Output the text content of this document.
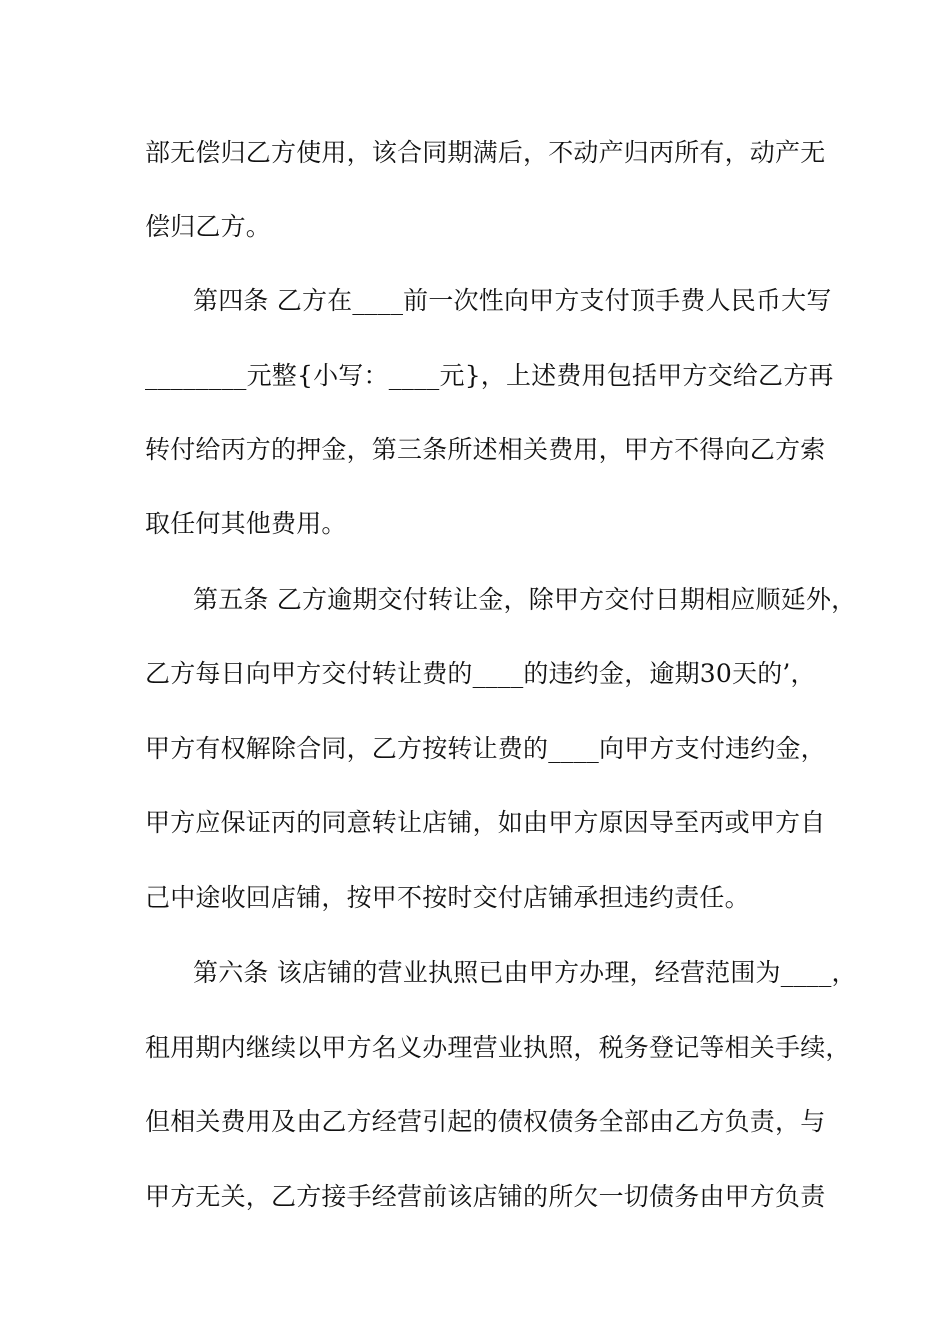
部无偿归乙方使用，该合同期满后，不动产归丙所有，动产无
偿归乙方。
第四条 乙方在____前一次性向甲方支付顶手费人民币大写
________元整{小写：____元}，上述费用包括甲方交给乙方再
转付给丙方的押金，第三条所述相关费用，甲方不得向乙方索
取任何其他费用。
第五条 乙方逾期交付转让金，除甲方交付日期相应顺延外，
乙方每日向甲方交付转让费的____的违约金，逾期30天的’，
甲方有权解除合同，乙方按转让费的____向甲方支付违约金，
甲方应保证丙的同意转让店铺，如由甲方原因导至丙或甲方自
己中途收回店铺，按甲不按时交付店铺承担违约责任。
第六条 该店铺的营业执照已由甲方办理，经营范围为____，
租用期内继续以甲方名义办理营业执照，税务登记等相关手续，
但相关费用及由乙方经营引起的债权债务全部由乙方负责，与
甲方无关，乙方接手经营前该店铺的所欠一切债务由甲方负责
